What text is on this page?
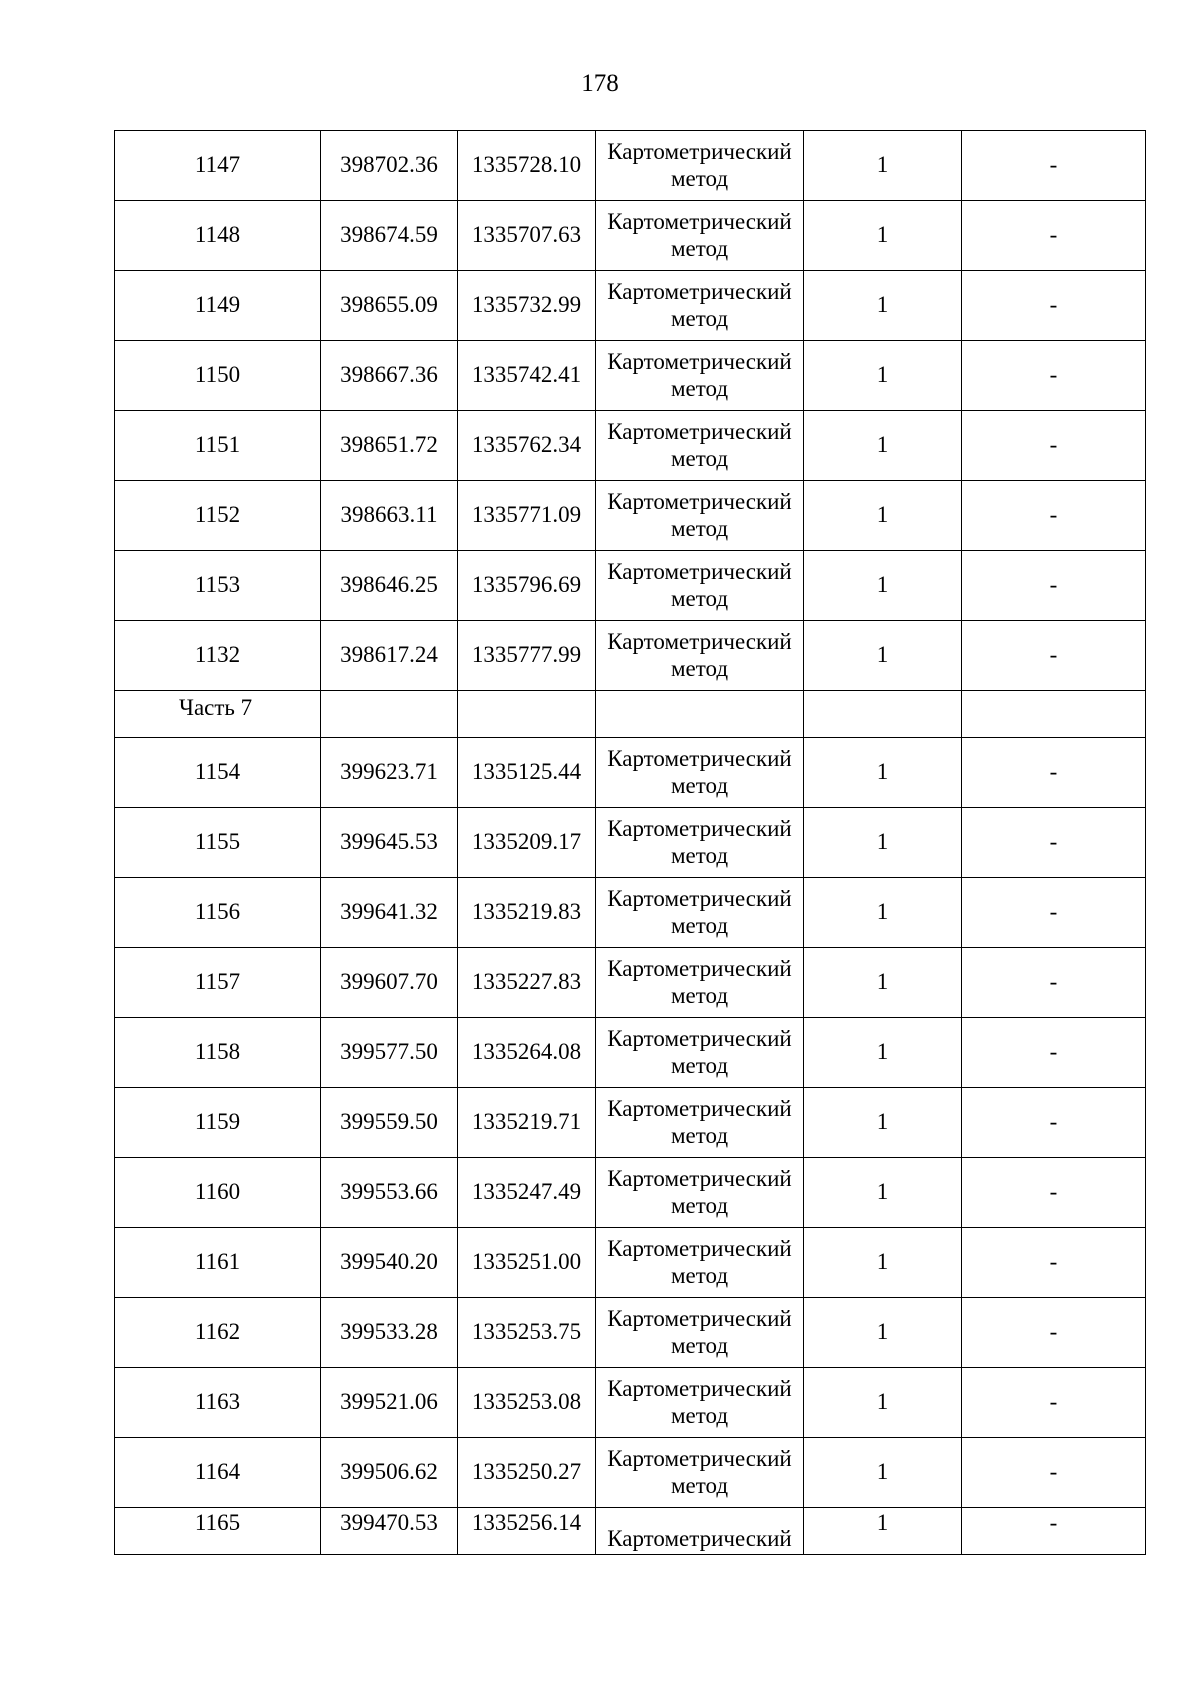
178
1147	398702.36	1335728.10	Картометрический метод	1	-
1148	398674.59	1335707.63	Картометрический метод	1	-
1149	398655.09	1335732.99	Картометрический метод	1	-
1150	398667.36	1335742.41	Картометрический метод	1	-
1151	398651.72	1335762.34	Картометрический метод	1	-
1152	398663.11	1335771.09	Картометрический метод	1	-
1153	398646.25	1335796.69	Картометрический метод	1	-
1132	398617.24	1335777.99	Картометрический метод	1	-
Часть 7					
1154	399623.71	1335125.44	Картометрический метод	1	-
1155	399645.53	1335209.17	Картометрический метод	1	-
1156	399641.32	1335219.83	Картометрический метод	1	-
1157	399607.70	1335227.83	Картометрический метод	1	-
1158	399577.50	1335264.08	Картометрический метод	1	-
1159	399559.50	1335219.71	Картометрический метод	1	-
1160	399553.66	1335247.49	Картометрический метод	1	-
1161	399540.20	1335251.00	Картометрический метод	1	-
1162	399533.28	1335253.75	Картометрический метод	1	-
1163	399521.06	1335253.08	Картометрический метод	1	-
1164	399506.62	1335250.27	Картометрический метод	1	-
1165	399470.53	1335256.14	Картометрический	1	-
